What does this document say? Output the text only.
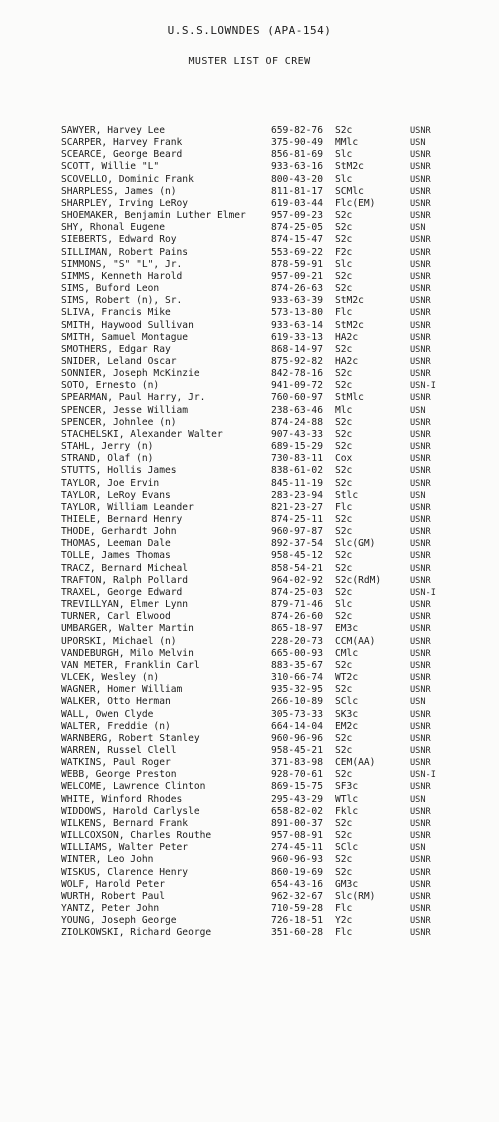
U.S.S.LOWNDES (APA-154)
MUSTER LIST OF CREW
SAWYER, Harvey Lee	659-82-76 S2c	USNR
SCARPER, Harvey Frank	375-90-49 MMlc	USN
SCEARCE, George Beard	856-81-69 Slc	USNR
SCOTT, Willie "L"	933-63-16 StM2c	USNR
SCOVELLO, Dominic Frank	800-43-20 Slc	USNR
SHARPLESS, James (n)	811-81-17 SCMlc	USNR
SHARPLEY, Irving LeRoy	619-03-44 Flc(EM)	USNR
SHOEMAKER, Benjamin Luther Elmer	957-09-23 S2c	USNR
SHY, Rhonal Eugene	874-25-05 S2c	USN
SIEBERTS, Edward Roy	874-15-47 S2c	USNR
SILLIMAN, Robert Pains	553-69-22 F2c	USNR
SIMMONS, "S" "L", Jr.	878-59-91 Slc	USNR
SIMMS, Kenneth Harold	957-09-21 S2c	USNR
SIMS, Buford Leon	874-26-63 S2c	USNR
SIMS, Robert (n), Sr.	933-63-39 StM2c	USNR
SLIVA, Francis Mike	573-13-80 Flc	USNR
SMITH, Haywood Sullivan	933-63-14 StM2c	USNR
SMITH, Samuel Montague	619-33-13 HA2c	USNR
SMOTHERS, Edgar Ray	868-14-97 S2c	USNR
SNIDER, Leland Oscar	875-92-82 HA2c	USNR
SONNIER, Joseph McKinzie	842-78-16 S2c	USNR
SOTO, Ernesto (n)	941-09-72 S2c	USN-I
SPEARMAN, Paul Harry, Jr.	760-60-97 StMlc	USNR
SPENCER, Jesse William	238-63-46 Mlc	USN
SPENCER, Johnlee (n)	874-24-88 S2c	USNR
STACHELSKI, Alexander Walter	907-43-33 S2c	USNR
STAHL, Jerry (n)	689-15-29 S2c	USNR
STRAND, Olaf (n)	730-83-11 Cox	USNR
STUTTS, Hollis James	838-61-02 S2c	USNR
TAYLOR, Joe Ervin	845-11-19 S2c	USNR
TAYLOR, LeRoy Evans	283-23-94 Stlc	USN
TAYLOR, William Leander	821-23-27 Flc	USNR
THIELE, Bernard Henry	874-25-11 S2c	USNR
THODE, Gerhardt John	960-97-87 S2c	USNR
THOMAS, Leeman Dale	892-37-54 Slc(GM)	USNR
TOLLE, James Thomas	958-45-12 S2c	USNR
TRACZ, Bernard Micheal	858-54-21 S2c	USNR
TRAFTON, Ralph Pollard	964-02-92 S2c(RdM)	USNR
TRAXEL, George Edward	874-25-03 S2c	USN-I
TREVILLYAN, Elmer Lynn	879-71-46 Slc	USNR
TURNER, Carl Elwood	874-26-60 S2c	USNR
UMBARGER, Walter Martin	865-18-97 EM3c	USNR
UPORSKI, Michael (n)	228-20-73 CCM(AA)	USNR
VANDEBURGH, Milo Melvin	665-00-93 CMlc	USNR
VAN METER, Franklin Carl	883-35-67 S2c	USNR
VLCEK, Wesley (n)	310-66-74 WT2c	USNR
WAGNER, Homer William	935-32-95 S2c	USNR
WALKER, Otto Herman	266-10-89 SClc	USN
WALL, Owen Clyde	305-73-33 SK3c	USNR
WALTER, Freddie (n)	664-14-04 EM2c	USNR
WARNBERG, Robert Stanley	960-96-96 S2c	USNR
WARREN, Russel Clell	958-45-21 S2c	USNR
WATKINS, Paul Roger	371-83-98 CEM(AA)	USNR
WEBB, George Preston	928-70-61 S2c	USN-I
WELCOME, Lawrence Clinton	869-15-75 SF3c	USNR
WHITE, Winford Rhodes	295-43-29 WTlc	USN
WIDDOWS, Harold Carlysle	658-82-02 Fklc	USNR
WILKENS, Bernard Frank	891-00-37 S2c	USNR
WILLCOXSON, Charles Routhe	957-08-91 S2c	USNR
WILLIAMS, Walter Peter	274-45-11 SClc	USN
WINTER, Leo John	960-96-93 S2c	USNR
WISKUS, Clarence Henry	860-19-69 S2c	USNR
WOLF, Harold Peter	654-43-16 GM3c	USNR
WURTH, Robert Paul	962-32-67 Slc(RM)	USNR
YANTZ, Peter John	710-59-28 Flc	USNR
YOUNG, Joseph George	726-18-51 Y2c	USNR
ZIOLKOWSKI, Richard George	351-60-28 Flc	USNR
